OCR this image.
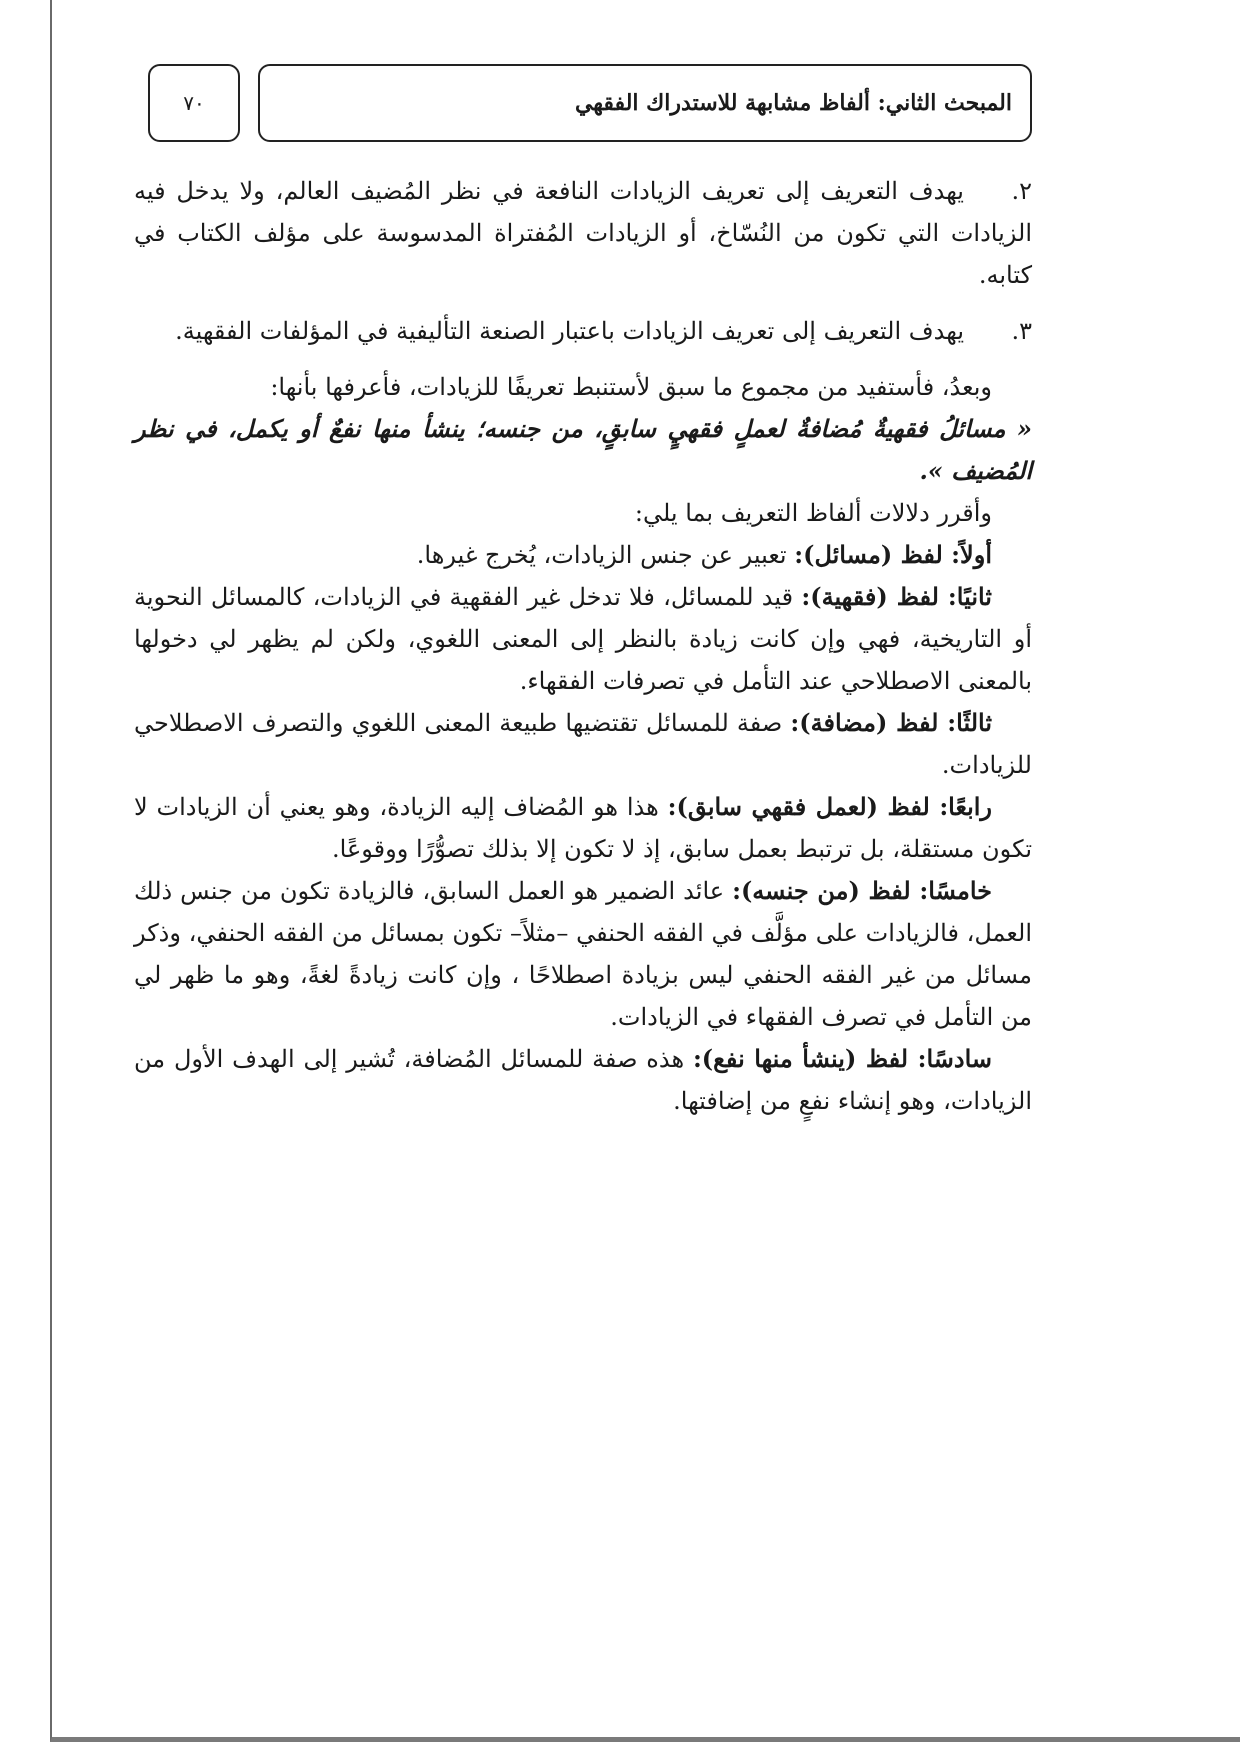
المبحث الثاني: ألفاظ مشابهة للاستدراك الفقهي
٧٠

٢.يهدف التعريف إلى تعريف الزيادات النافعة في نظر المُضيف العالم، ولا يدخل فيه الزيادات التي تكون من النُسّاخ، أو الزيادات المُفتراة المدسوسة على مؤلف الكتاب في كتابه.

٣.يهدف التعريف إلى تعريف الزيادات باعتبار الصنعة التأليفية في المؤلفات الفقهية.

وبعدُ، فأستفيد من مجموع ما سبق لأستنبط تعريفًا للزيادات، فأعرفها بأنها:

« مسائلُ فقهيةٌ مُضافةٌ لعملٍ فقهيٍ سابقٍ، من جنسه؛ ينشأ منها نفعٌ أو يكمل، في نظر المُضيف ».

وأقرر دلالات ألفاظ التعريف بما يلي:

أولاً: لفظ (مسائل): تعبير عن جنس الزيادات، يُخرج غيرها.

ثانيًا: لفظ (فقهية): قيد للمسائل، فلا تدخل غير الفقهية في الزيادات، كالمسائل النحوية أو التاريخية، فهي وإن كانت زيادة بالنظر إلى المعنى اللغوي، ولكن لم يظهر لي دخولها بالمعنى الاصطلاحي عند التأمل في تصرفات الفقهاء.

ثالثًا: لفظ (مضافة): صفة للمسائل تقتضيها طبيعة المعنى اللغوي والتصرف الاصطلاحي للزيادات.

رابعًا: لفظ (لعمل فقهي سابق): هذا هو المُضاف إليه الزيادة، وهو يعني أن الزيادات لا تكون مستقلة، بل ترتبط بعمل سابق، إذ لا تكون إلا بذلك تصوُّرًا ووقوعًا.

خامسًا: لفظ (من جنسه): عائد الضمير هو العمل السابق، فالزيادة تكون من جنس ذلك العمل، فالزيادات على مؤلَّف في الفقه الحنفي –مثلاً– تكون بمسائل من الفقه الحنفي، وذكر مسائل من غير الفقه الحنفي ليس بزيادة اصطلاحًا ، وإن كانت زيادةً لغةً، وهو ما ظهر لي من التأمل في تصرف الفقهاء في الزيادات.

سادسًا: لفظ (ينشأ منها نفع): هذه صفة للمسائل المُضافة، تُشير إلى الهدف الأول من الزيادات، وهو إنشاء نفعٍ من إضافتها.
